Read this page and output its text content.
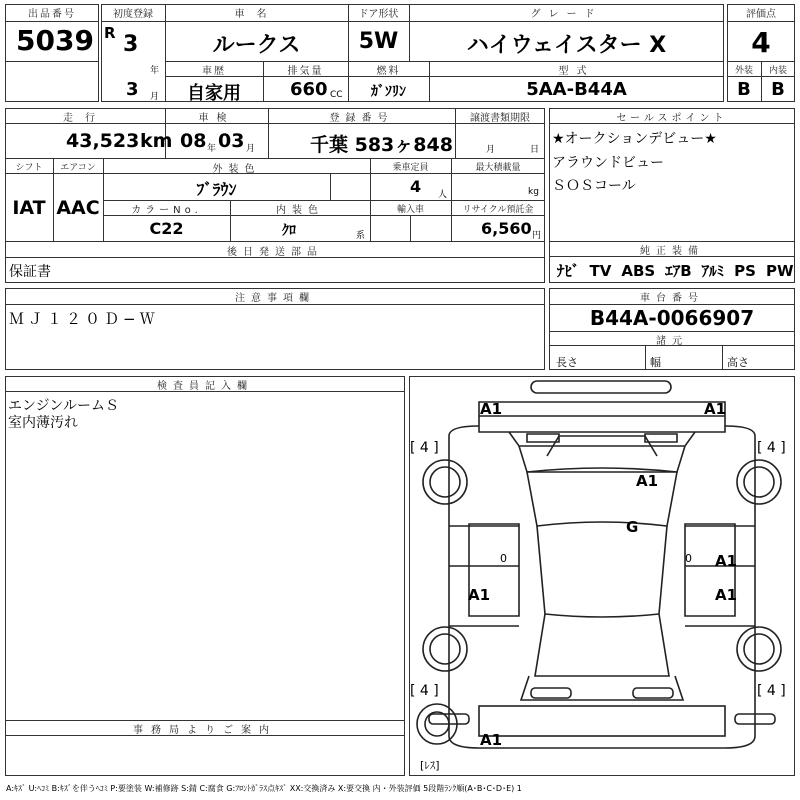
出品番号
5039
初度登録
R 3
年
3 月
車名
ルークス
ドア形状
5W
グレード
ハイウェイスター X
車歴
自家用
排気量
660 CC
燃料
ｶﾞｿﾘﾝ
型式
5AA-B44A
評価点
4
外装	内装
B	B
走行
43,523 km
車検
08 年 03 月
登録番号
千葉 583ヶ848
譲渡書類期限
月	日
シフト	エアコン
IAT AAC
外装色
ﾌﾞﾗｳﾝ
乗車定員
4 人
最大積載量
kg
カラーNo.
C22
内装色
ｸﾛ	系
輸入車	リサイクル預託金
6,560 円
後日発送部品
保証書
セールスポイント
★オークションデビュー★
アラウンドビュー
ＳＯＳコール
純正装備
ﾅﾋﾞ TV ABS ｴｱB ｱﾙﾐ PS PW
注意事項欄
ＭＪ１２０Ｄ−Ｗ
車台番号
B44A-0066907
諸元
長さ	幅	高さ
検査員記入欄
エンジンルームＳ
室内薄汚れ
事務局よりご案内
A1	A1
A1
G
A1
A1	A1
A1
0	0
[ 4 ]	[ 4 ]
[ 4 ]	[ 4 ]
[ﾚｽ]
A:ｷｽﾞ U:ﾍｺﾐ B:ｷｽﾞを伴うﾍｺﾐ P:要塗装 W:補修跡 S:錆 C:腐食 G:ﾌﾛﾝﾄｶﾞﾗｽ点ｷｽﾞ XX:交換済み X:要交換 内・外装評価 5段階ﾗﾝｸ順(A･B･C･D･E) 1
